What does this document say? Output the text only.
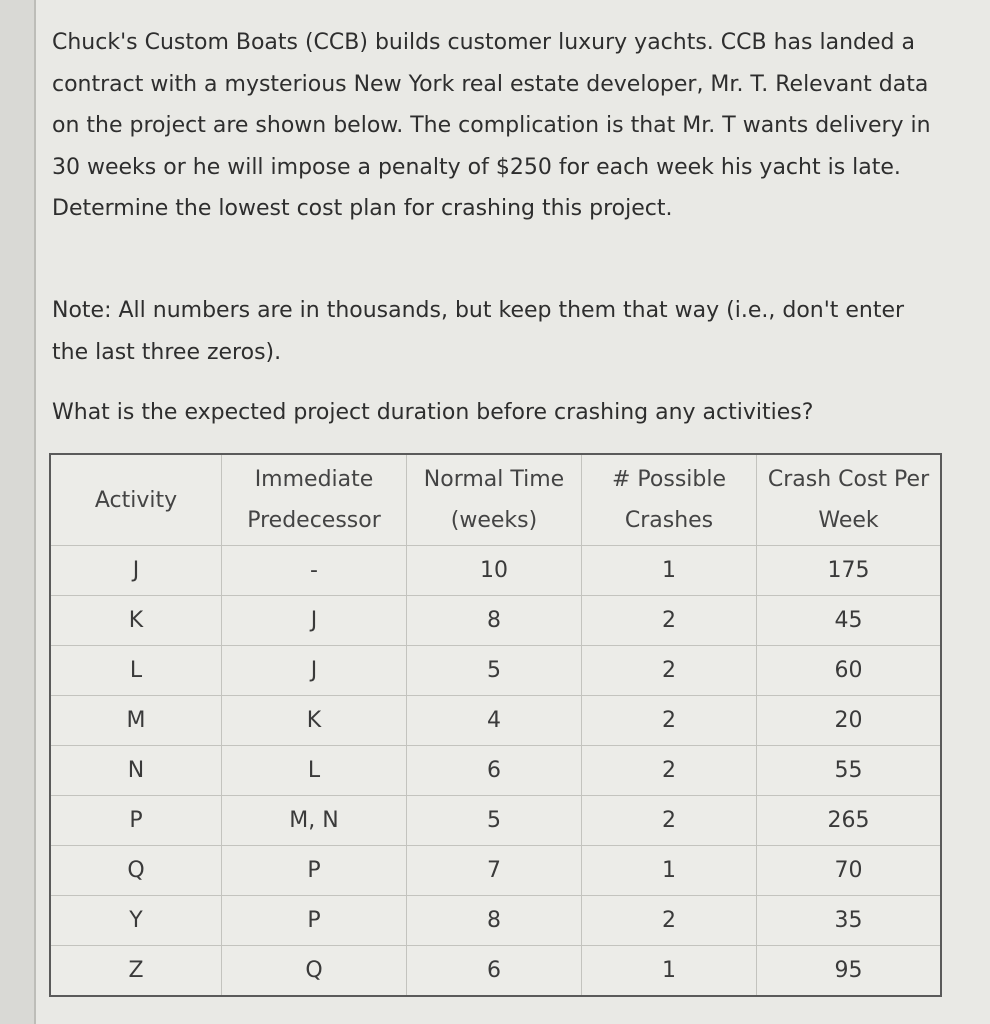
Chuck's Custom Boats (CCB) builds customer luxury yachts. CCB has landed a contract with a mysterious New York real estate developer, Mr. T. Relevant data on the project are shown below. The complication is that Mr. T wants delivery in 30 weeks or he will impose a penalty of $250 for each week his yacht is late. Determine the lowest cost plan for crashing this project.

Note: All numbers are in thousands, but keep them that way (i.e., don't enter the last three zeros).

What is the expected project duration before crashing any activities?

Activity	Immediate Predecessor	Normal Time (weeks)	# Possible Crashes	Crash Cost Per Week
J	-	10	1	175
K	J	8	2	45
L	J	5	2	60
M	K	4	2	20
N	L	6	2	55
P	M, N	5	2	265
Q	P	7	1	70
Y	P	8	2	35
Z	Q	6	1	95
